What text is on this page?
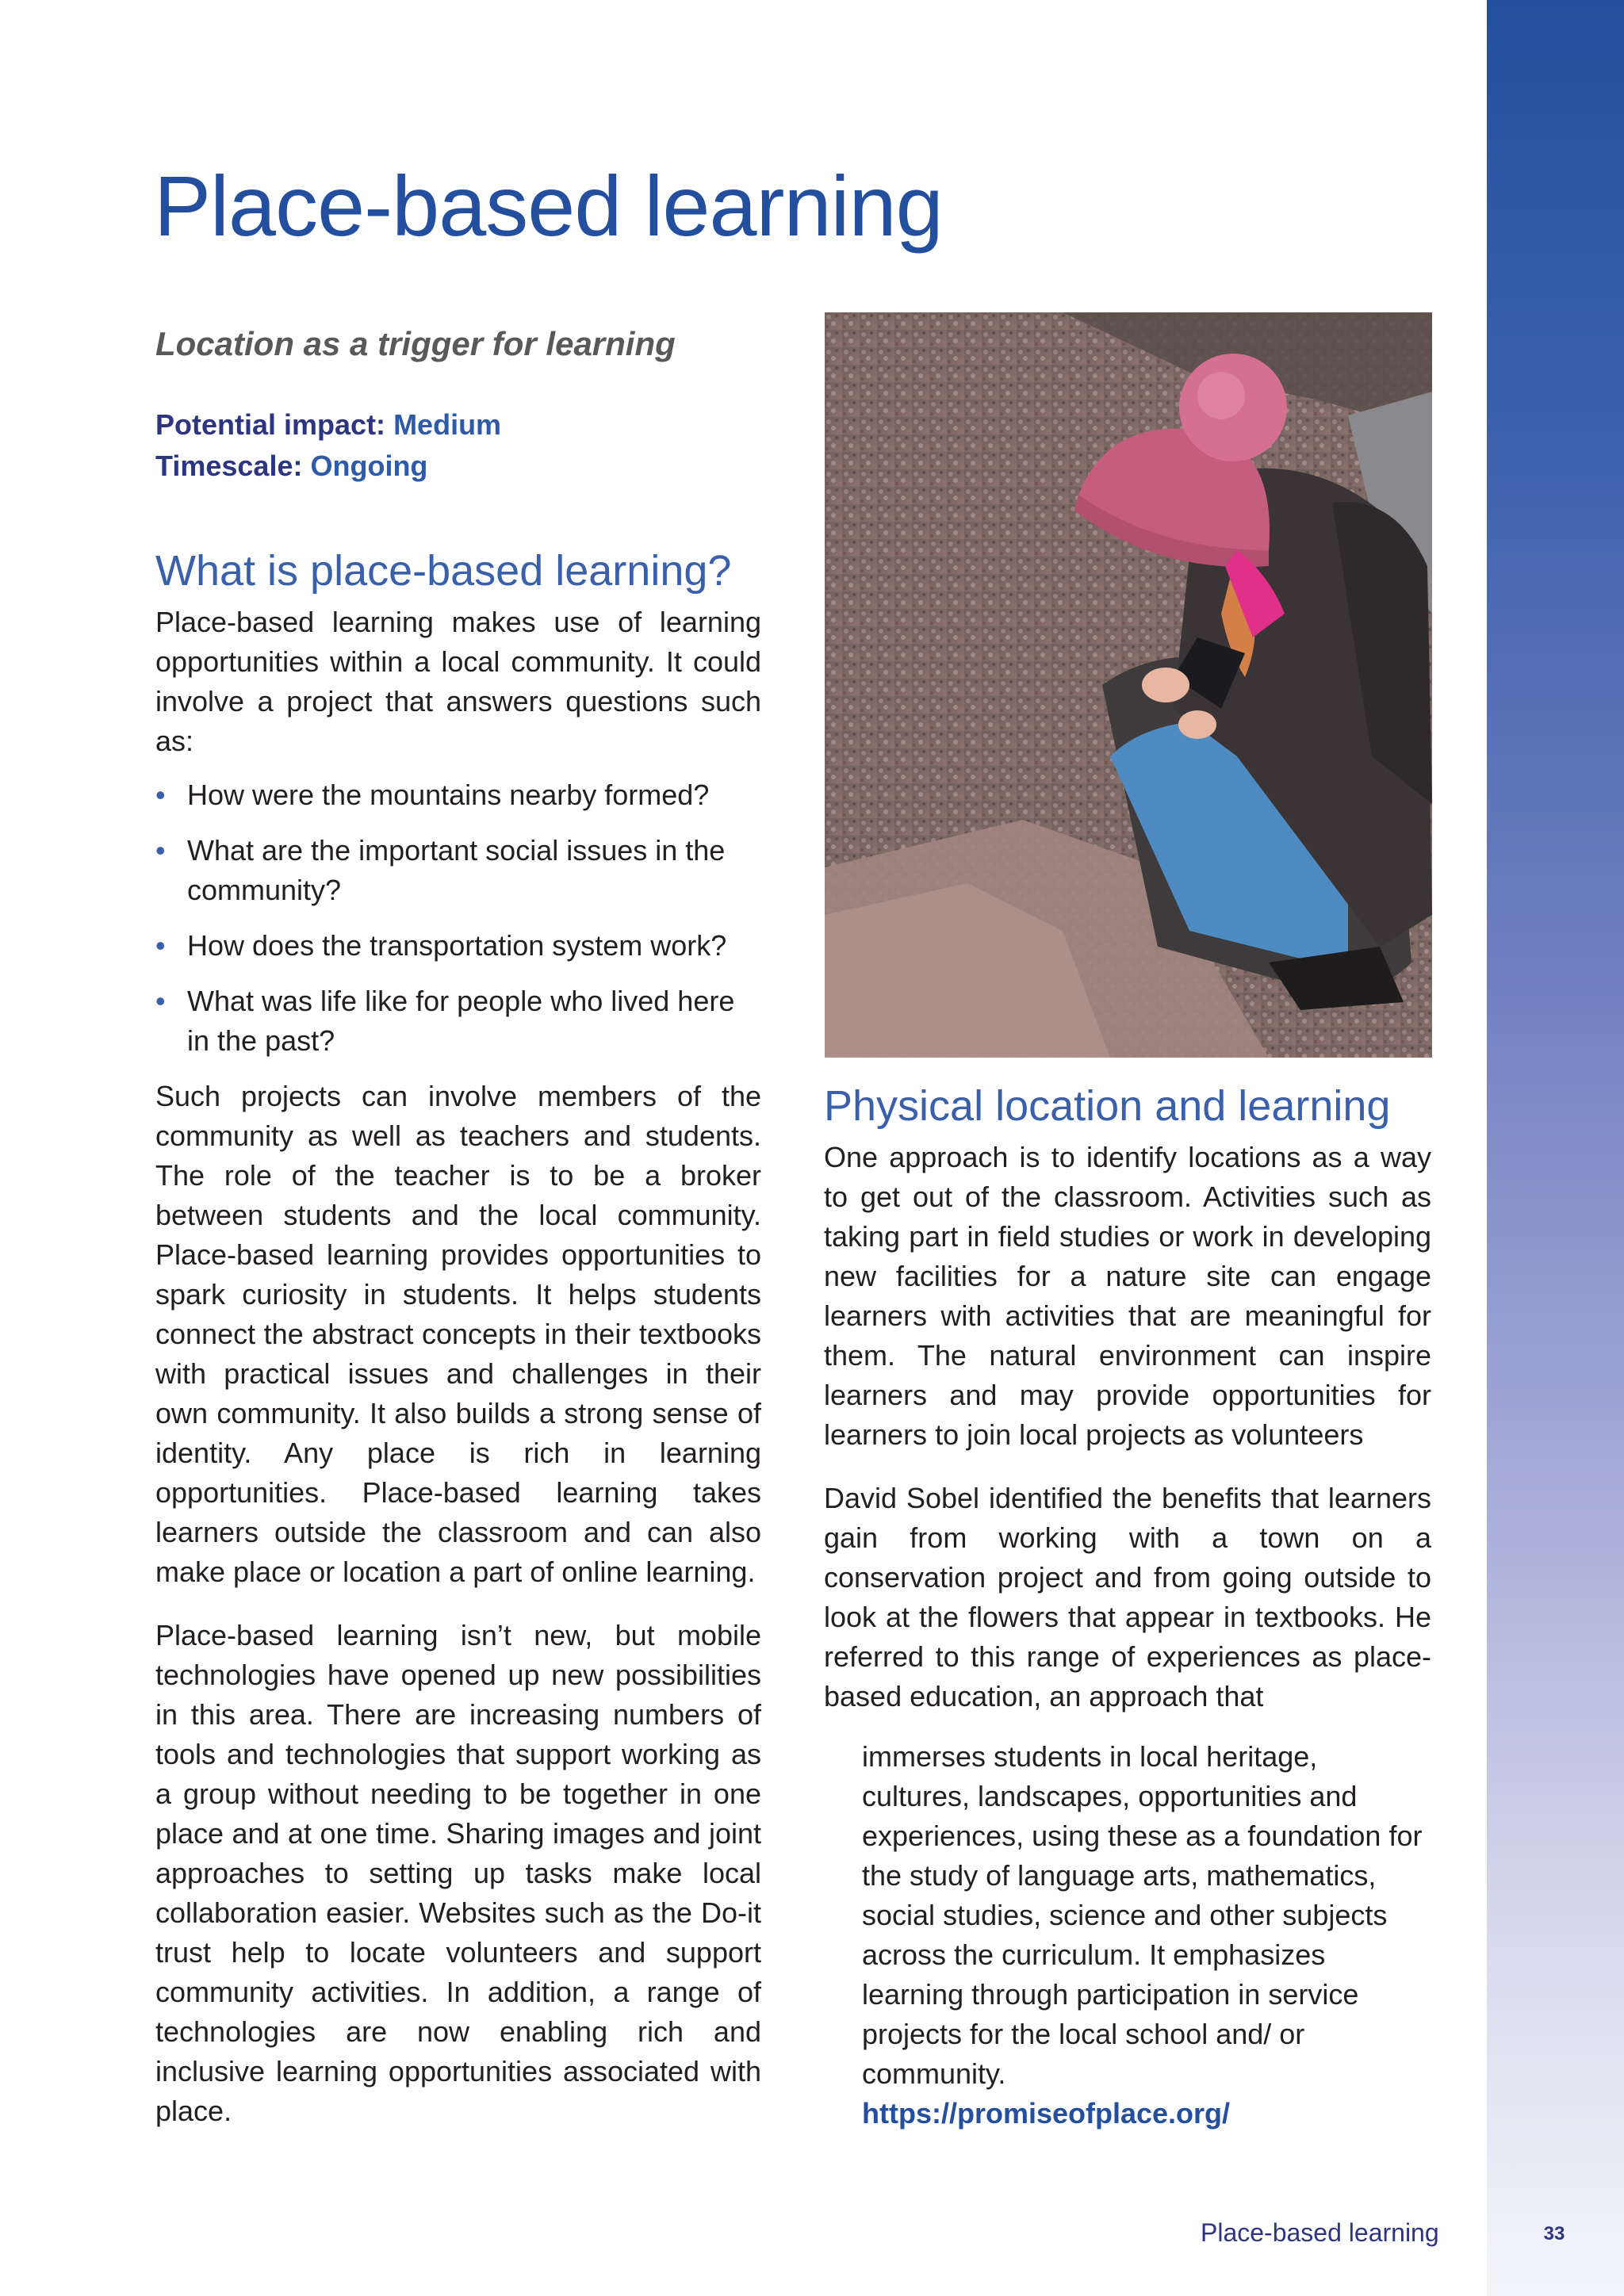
Place-based learning
Location as a trigger for learning
Potential impact: Medium
Timescale: Ongoing
What is place-based learning?

Place-based learning makes use of learning opportunities within a local community. It could involve a project that answers questions such as:

• How were the mountains nearby formed?
• What are the important social issues in the community?
• How does the transportation system work?
• What was life like for people who lived here in the past?

Such projects can involve members of the community as well as teachers and students. The role of the teacher is to be a broker between students and the local community. Place-based learning provides opportunities to spark curiosity in students. It helps students connect the abstract concepts in their textbooks with practical issues and challenges in their own community. It also builds a strong sense of identity. Any place is rich in learning opportunities. Place-based learning takes learners outside the classroom and can also make place or location a part of online learning.

Place-based learning isn’t new, but mobile technologies have opened up new possibilities in this area. There are increasing numbers of tools and technologies that support working as a group without needing to be together in one place and at one time. Sharing images and joint approaches to setting up tasks make local collaboration easier. Websites such as the Do-it trust help to locate volunteers and support community activities. In addition, a range of technologies are now enabling rich and inclusive learning opportunities associated with place.

Physical location and learning

One approach is to identify locations as a way to get out of the classroom. Activities such as taking part in field studies or work in developing new facilities for a nature site can engage learners with activities that are meaningful for them. The natural environment can inspire learners and may provide opportunities for learners to join local projects as volunteers

David Sobel identified the benefits that learners gain from working with a town on a conservation project and from going outside to look at the flowers that appear in textbooks. He referred to this range of experiences as place-based education, an approach that

immerses students in local heritage, cultures, landscapes, opportunities and experiences, using these as a foundation for the study of language arts, mathematics, social studies, science and other subjects across the curriculum. It emphasizes learning through participation in service projects for the local school and/ or community.
https://promiseofplace.org/
Place-based learning	33
